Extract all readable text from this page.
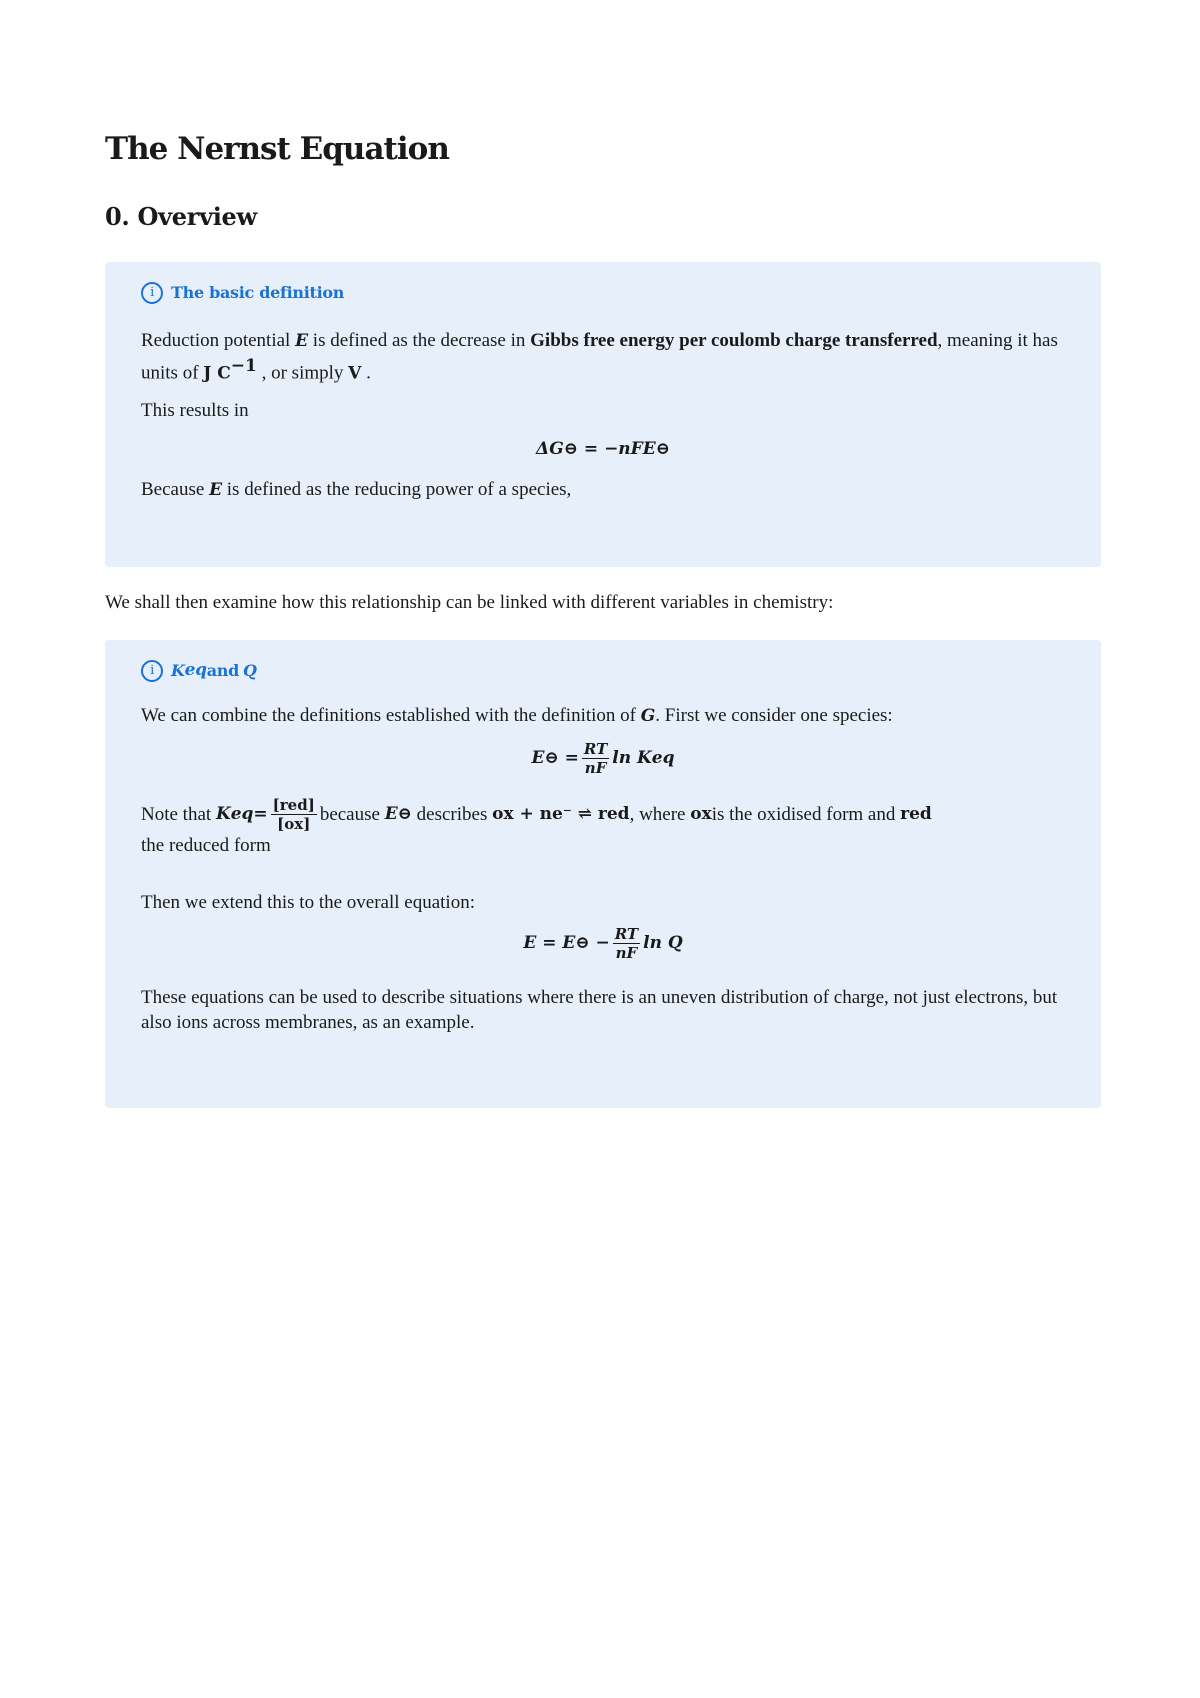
The Nernst Equation
0. Overview
i	The basic definition

Reduction potential E is defined as the decrease in Gibbs free energy per coulomb charge transferred, meaning it has units of J $C^{-1}$ , or simply V .

This results in

ΔG⊖ = −nFE⊖

Because E is defined as the reducing power of a species,

We shall then examine how this relationship can be linked with different variables in chemistry:

i	K eq and Q

We can combine the definitions established with the definition of G. First we consider one species:

E⊖ = $\frac{RT}{nF}$ ln K eq
Note that
K eq = $\frac{\text{[red]}}{[ox]}$ because
E⊖
describes
ox + ne⁻ ⇌ red , where
ox is the oxidised form and
red

the reduced form

Then we extend this to the overall equation:

E = E⊖ − $\frac{RT}{nF}$ ln Q

These equations can be used to describe situations where there is an uneven distribution of charge, not just electrons, but also ions across membranes, as an example.
